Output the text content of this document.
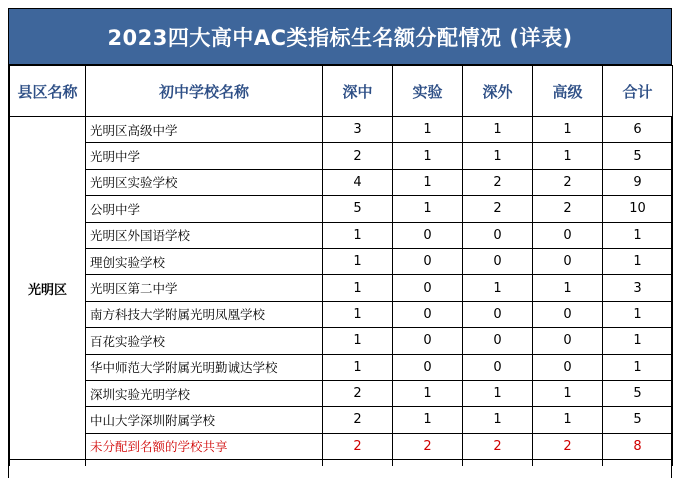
2023四大高中AC类指标生名额分配情况 (详表)
县区名称	初中学校名称	深中	实验	深外	高级	合计
光明区	光明区高级中学	3	1	1	1	6
	光明中学	2	1	1	1	5
	光明区实验学校	4	1	2	2	9
	公明中学	5	1	2	2	10
	光明区外国语学校	1	0	0	0	1
	理创实验学校	1	0	0	0	1
	光明区第二中学	1	0	1	1	3
	南方科技大学附属光明凤凰学校	1	0	0	0	1
	百花实验学校	1	0	0	0	1
	华中师范大学附属光明勤诚达学校	1	0	0	0	1
	深圳实验光明学校	2	1	1	1	5
	中山大学深圳附属学校	2	1	1	1	5
	未分配到名额的学校共享	2	2	2	2	8
